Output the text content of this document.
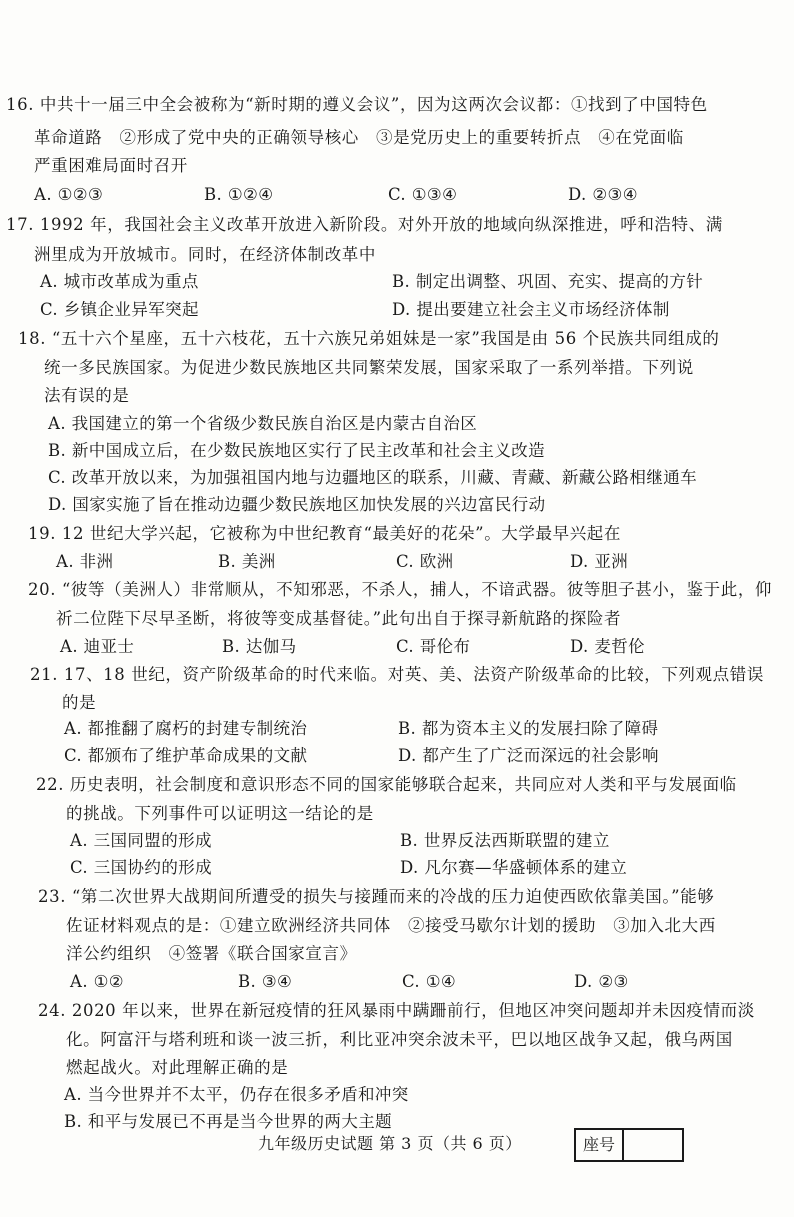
16. 中共十一届三中全会被称为“新时期的遵义会议”，因为这两次会议都：①找到了中国特色
革命道路　②形成了党中央的正确领导核心　③是党历史上的重要转折点　④在党面临
严重困难局面时召开
A. ①②③	B. ①②④	C. ①③④	D. ②③④
17. 1992 年，我国社会主义改革开放进入新阶段。对外开放的地域向纵深推进，呼和浩特、满
洲里成为开放城市。同时，在经济体制改革中
A. 城市改革成为重点	B. 制定出调整、巩固、充实、提高的方针
C. 乡镇企业异军突起	D. 提出要建立社会主义市场经济体制
18. “五十六个星座，五十六枝花，五十六族兄弟姐妹是一家”我国是由 56 个民族共同组成的
统一多民族国家。为促进少数民族地区共同繁荣发展，国家采取了一系列举措。下列说
法有误的是
A. 我国建立的第一个省级少数民族自治区是内蒙古自治区
B. 新中国成立后，在少数民族地区实行了民主改革和社会主义改造
C. 改革开放以来，为加强祖国内地与边疆地区的联系，川藏、青藏、新藏公路相继通车
D. 国家实施了旨在推动边疆少数民族地区加快发展的兴边富民行动
19. 12 世纪大学兴起，它被称为中世纪教育“最美好的花朵”。大学最早兴起在
A. 非洲	B. 美洲	C. 欧洲	D. 亚洲
20. “彼等（美洲人）非常顺从，不知邪恶，不杀人，捕人，不谙武器。彼等胆子甚小，鉴于此，仰
祈二位陛下尽早圣断，将彼等变成基督徒。”此句出自于探寻新航路的探险者
A. 迪亚士	B. 达伽马	C. 哥伦布	D. 麦哲伦
21. 17、18 世纪，资产阶级革命的时代来临。对英、美、法资产阶级革命的比较，下列观点错误
的是
A. 都推翻了腐朽的封建专制统治	B. 都为资本主义的发展扫除了障碍
C. 都颁布了维护革命成果的文献	D. 都产生了广泛而深远的社会影响
22. 历史表明，社会制度和意识形态不同的国家能够联合起来，共同应对人类和平与发展面临
的挑战。下列事件可以证明这一结论的是
A. 三国同盟的形成	B. 世界反法西斯联盟的建立
C. 三国协约的形成	D. 凡尔赛—华盛顿体系的建立
23. “第二次世界大战期间所遭受的损失与接踵而来的冷战的压力迫使西欧依靠美国。”能够
佐证材料观点的是：①建立欧洲经济共同体　②接受马歇尔计划的援助　③加入北大西
洋公约组织　④签署《联合国家宣言》
A. ①②	B. ③④	C. ①④	D. ②③
24. 2020 年以来，世界在新冠疫情的狂风暴雨中蹒跚前行，但地区冲突问题却并未因疫情而淡
化。阿富汗与塔利班和谈一波三折，利比亚冲突余波未平，巴以地区战争又起，俄乌两国
燃起战火。对此理解正确的是
A. 当今世界并不太平，仍存在很多矛盾和冲突
B. 和平与发展已不再是当今世界的两大主题
九年级历史试题 第 3 页（共 6 页）	座号
